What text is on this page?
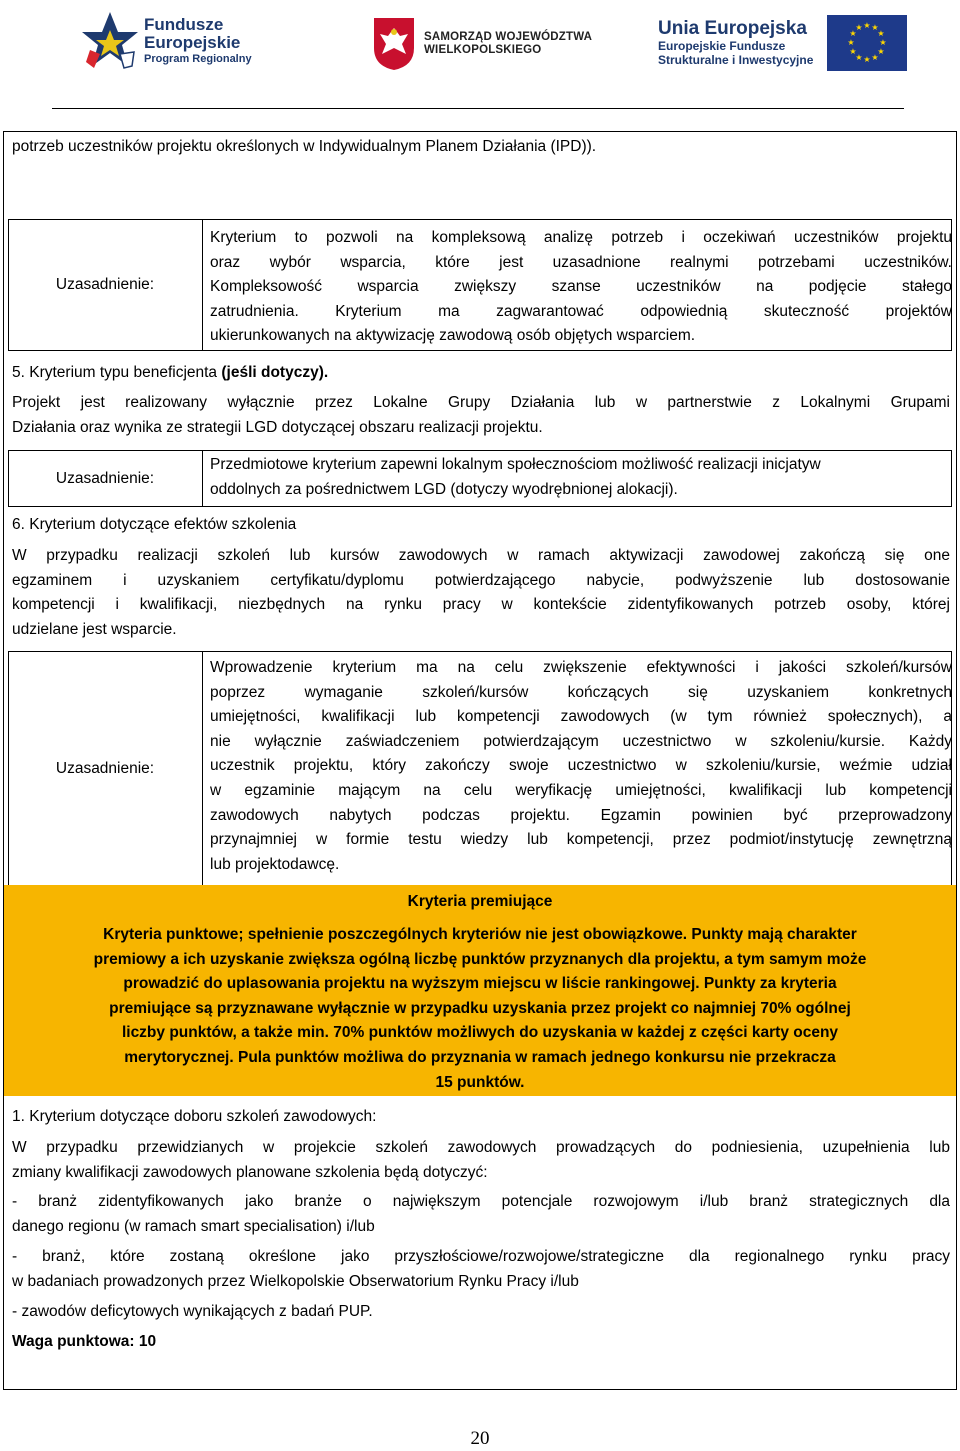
Fundusze
Europejskie
Program Regionalny
SAMORZĄD WOJEWÓDZTWA
WIELKOPOLSKIEGO
Unia Europejska
Europejskie Fundusze
Strukturalne i Inwestycyjne
★ ★
★
★
★
★
★
★
★
★
★
★
potrzeb uczestników projektu określonych w Indywidualnym Planem Działania (IPD)).
Uzasadnienie:
Kryterium to pozwoli na kompleksową analizę potrzeb i oczekiwań uczestników projektu
oraz wybór wsparcia, które jest uzasadnione realnymi potrzebami uczestników.
Kompleksowość wsparcia zwiększy szanse uczestników na podjęcie stałego
zatrudnienia. Kryterium ma zagwarantować odpowiednią skuteczność projektów
ukierunkowanych na aktywizację zawodową osób objętych wsparciem.
5. Kryterium typu beneficjenta (jeśli dotyczy).
Projekt jest realizowany wyłącznie przez Lokalne Grupy Działania lub w partnerstwie z Lokalnymi Grupami
Działania oraz wynika ze strategii LGD dotyczącej obszaru realizacji projektu.
Uzasadnienie:
Przedmiotowe kryterium zapewni lokalnym społecznościom możliwość realizacji inicjatyw
oddolnych za pośrednictwem LGD (dotyczy wyodrębnionej alokacji).
6. Kryterium dotyczące efektów szkolenia
W przypadku realizacji szkoleń lub kursów zawodowych w ramach aktywizacji zawodowej zakończą się one
egzaminem i uzyskaniem certyfikatu/dyplomu potwierdzającego nabycie, podwyższenie lub dostosowanie
kompetencji i kwalifikacji, niezbędnych na rynku pracy w kontekście zidentyfikowanych potrzeb osoby, której
udzielane jest wsparcie.
Uzasadnienie:
Wprowadzenie kryterium ma na celu zwiększenie efektywności i jakości szkoleń/kursów
poprzez wymaganie szkoleń/kursów kończących się uzyskaniem konkretnych
umiejętności, kwalifikacji lub kompetencji zawodowych (w tym również społecznych), a
nie wyłącznie zaświadczeniem potwierdzającym uczestnictwo w szkoleniu/kursie. Każdy
uczestnik projektu, który zakończy swoje uczestnictwo w szkoleniu/kursie, weźmie udział
w egzaminie mającym na celu weryfikację umiejętności, kwalifikacji lub kompetencji
zawodowych nabytych podczas projektu. Egzamin powinien być przeprowadzony
przynajmniej w formie testu wiedzy lub kompetencji, przez podmiot/instytucję zewnętrzną
lub projektodawcę.
Kryteria premiujące
Kryteria punktowe; spełnienie poszczególnych kryteriów nie jest obowiązkowe. Punkty mają charakter
premiowy a ich uzyskanie zwiększa ogólną liczbę punktów przyznanych dla projektu, a tym samym może
prowadzić do uplasowania projektu na wyższym miejscu w liście rankingowej. Punkty za kryteria
premiujące są przyznawane wyłącznie w przypadku uzyskania przez projekt co najmniej 70% ogólnej
liczby punktów, a także min. 70% punktów możliwych do uzyskania w każdej z części karty oceny
merytorycznej. Pula punktów możliwa do przyznania w ramach jednego konkursu nie przekracza
15 punktów.
1. Kryterium dotyczące doboru szkoleń zawodowych:
W przypadku przewidzianych w projekcie szkoleń zawodowych prowadzących do podniesienia, uzupełnienia lub
zmiany kwalifikacji zawodowych planowane szkolenia będą dotyczyć:
- branż zidentyfikowanych jako branże o największym potencjale rozwojowym i/lub branż strategicznych dla
danego regionu (w ramach smart specialisation) i/lub
- branż, które zostaną określone jako przyszłościowe/rozwojowe/strategiczne dla regionalnego rynku pracy
w badaniach prowadzonych przez Wielkopolskie Obserwatorium Rynku Pracy i/lub
- zawodów deficytowych wynikających z badań PUP.
Waga punktowa: 10
20
